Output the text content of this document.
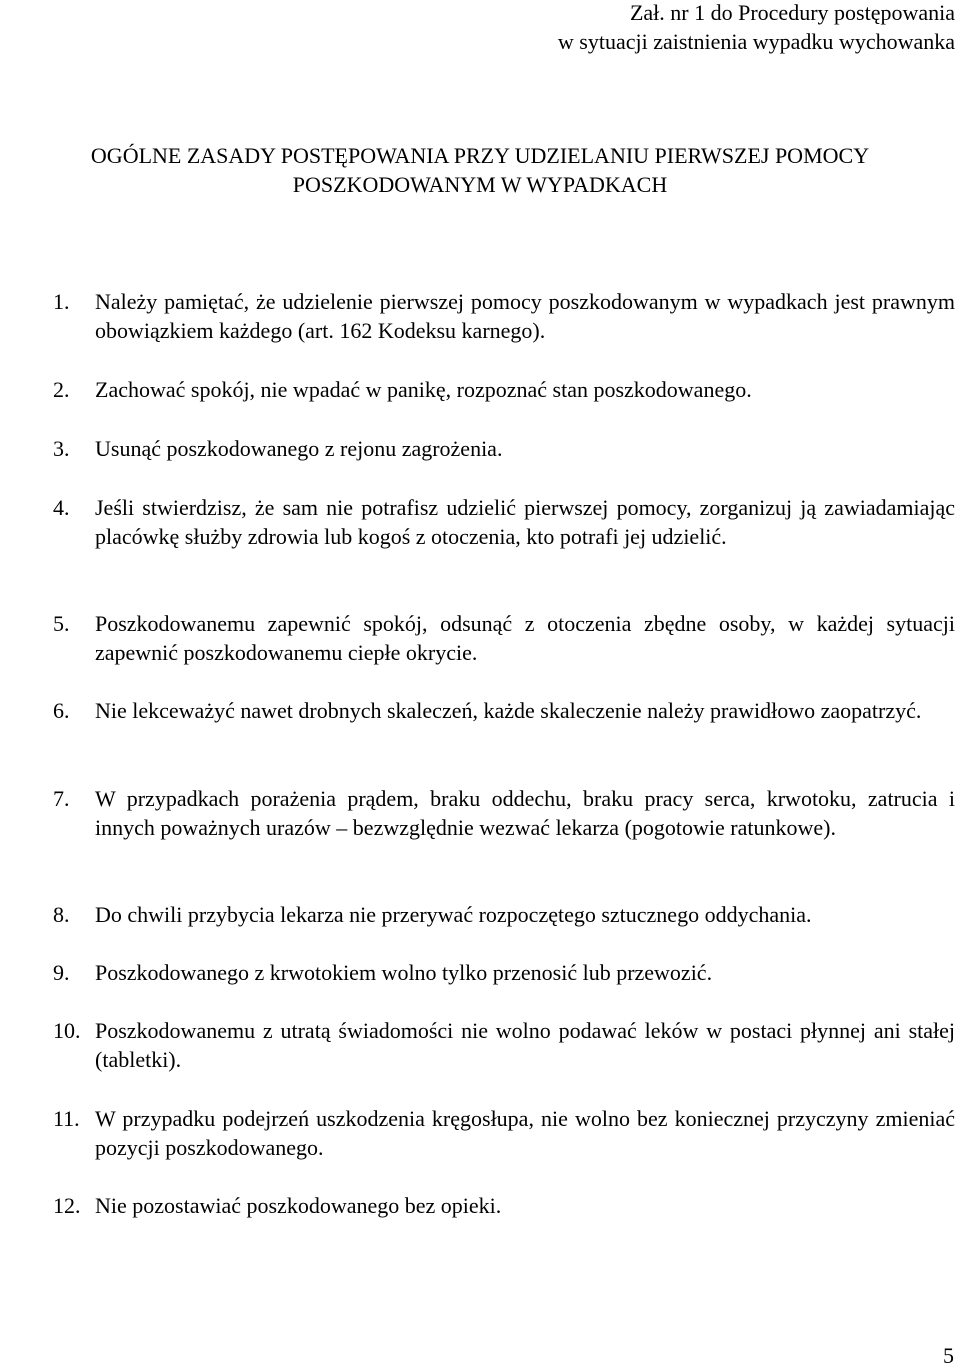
Zał. nr 1 do Procedury postępowania
w sytuacji zaistnienia wypadku wychowanka
OGÓLNE ZASADY POSTĘPOWANIA PRZY UDZIELANIU PIERWSZEJ POMOCY
POSZKODOWANYM W WYPADKACH
1. Należy pamiętać, że udzielenie pierwszej pomocy poszkodowanym w wypadkach jest prawnym obowiązkiem każdego (art. 162 Kodeksu karnego).
2. Zachować spokój, nie wpadać w panikę, rozpoznać stan poszkodowanego.
3. Usunąć poszkodowanego z rejonu zagrożenia.
4. Jeśli stwierdzisz, że sam nie potrafisz udzielić pierwszej pomocy, zorganizuj ją zawiadamiając placówkę służby zdrowia lub kogoś z otoczenia, kto potrafi jej udzielić.
5. Poszkodowanemu zapewnić spokój, odsunąć z otoczenia zbędne osoby, w każdej sytuacji zapewnić poszkodowanemu ciepłe okrycie.
6. Nie lekceważyć nawet drobnych skaleczeń, każde skaleczenie należy prawidłowo zaopatrzyć.
7. W przypadkach porażenia prądem, braku oddechu, braku pracy serca, krwotoku, zatrucia i innych poważnych urazów – bezwzględnie wezwać lekarza (pogotowie ratunkowe).
8. Do chwili przybycia lekarza nie przerywać rozpoczętego sztucznego oddychania.
9. Poszkodowanego z krwotokiem wolno tylko przenosić lub przewozić.
10. Poszkodowanemu z utratą świadomości nie wolno podawać leków w postaci płynnej ani stałej (tabletki).
11. W przypadku podejrzeń uszkodzenia kręgosłupa, nie wolno bez koniecznej przyczyny zmieniać pozycji poszkodowanego.
12. Nie pozostawiać poszkodowanego bez opieki.
5
